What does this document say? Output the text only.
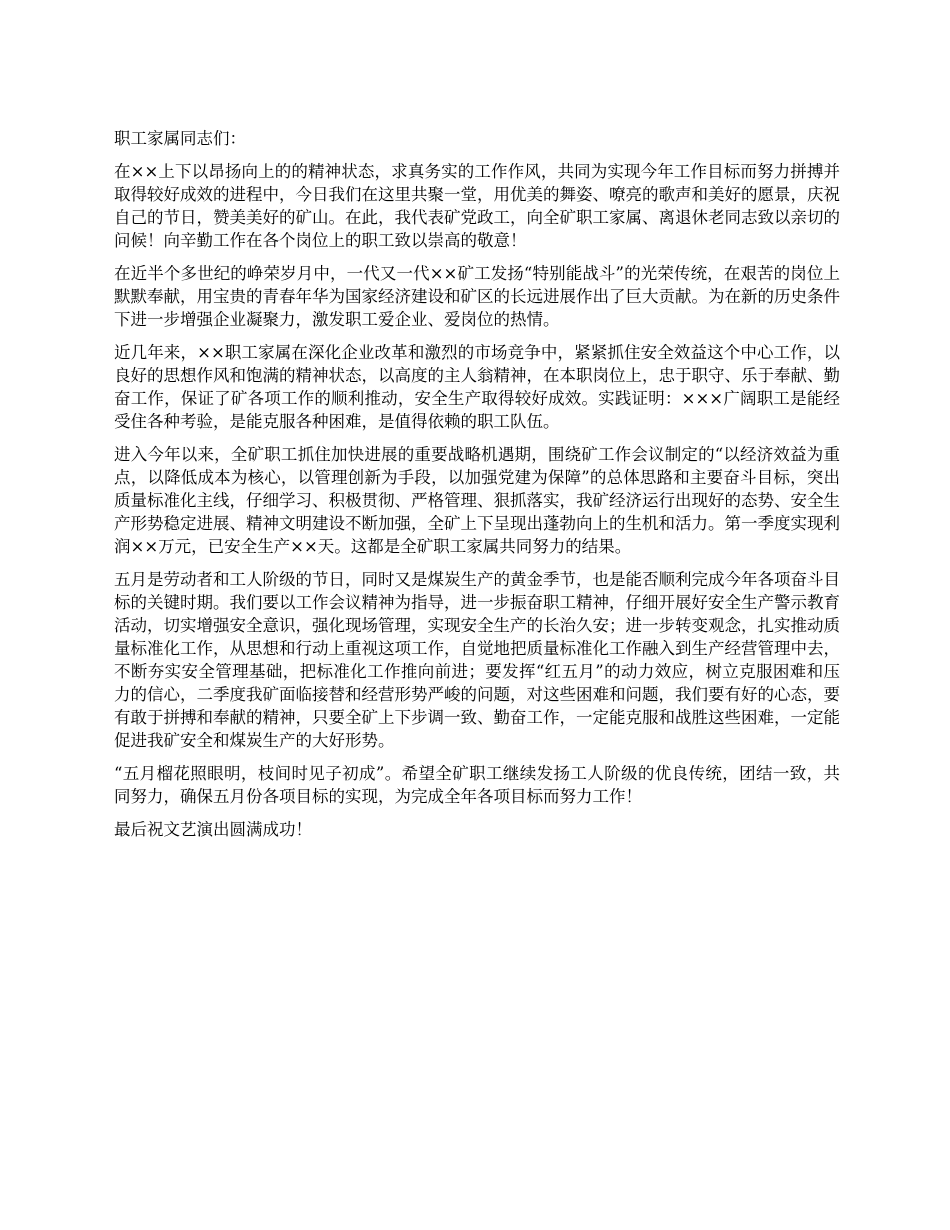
职工家属同志们：

在××上下以昂扬向上的的精神状态，求真务实的工作作风，共同为实现今年工作目标而努力拼搏并取得较好成效的进程中，今日我们在这里共聚一堂，用优美的舞姿、嘹亮的歌声和美好的愿景，庆祝自己的节日，赞美美好的矿山。在此，我代表矿党政工，向全矿职工家属、离退休老同志致以亲切的问候！向辛勤工作在各个岗位上的职工致以崇高的敬意！

在近半个多世纪的峥荣岁月中，一代又一代××矿工发扬“特别能战斗”的光荣传统，在艰苦的岗位上默默奉献，用宝贵的青春年华为国家经济建设和矿区的长远进展作出了巨大贡献。为在新的历史条件下进一步增强企业凝聚力，激发职工爱企业、爱岗位的热情。

近几年来，××职工家属在深化企业改革和激烈的市场竞争中，紧紧抓住安全效益这个中心工作，以良好的思想作风和饱满的精神状态，以高度的主人翁精神，在本职岗位上，忠于职守、乐于奉献、勤奋工作，保证了矿各项工作的顺利推动，安全生产取得较好成效。实践证明：×××广阔职工是能经受住各种考验，是能克服各种困难，是值得依赖的职工队伍。

进入今年以来，全矿职工抓住加快进展的重要战略机遇期，围绕矿工作会议制定的“以经济效益为重点，以降低成本为核心，以管理创新为手段，以加强党建为保障”的总体思路和主要奋斗目标，突出质量标准化主线，仔细学习、积极贯彻、严格管理、狠抓落实，我矿经济运行出现好的态势、安全生产形势稳定进展、精神文明建设不断加强，全矿上下呈现出蓬勃向上的生机和活力。第一季度实现利润××万元，已安全生产××天。这都是全矿职工家属共同努力的结果。

五月是劳动者和工人阶级的节日，同时又是煤炭生产的黄金季节，也是能否顺利完成今年各项奋斗目标的关键时期。我们要以工作会议精神为指导，进一步振奋职工精神，仔细开展好安全生产警示教育活动，切实增强安全意识，强化现场管理，实现安全生产的长治久安；进一步转变观念，扎实推动质量标准化工作，从思想和行动上重视这项工作，自觉地把质量标准化工作融入到生产经营管理中去，不断夯实安全管理基础，把标准化工作推向前进；要发挥“红五月”的动力效应，树立克服困难和压力的信心，二季度我矿面临接替和经营形势严峻的问题，对这些困难和问题，我们要有好的心态，要有敢于拼搏和奉献的精神，只要全矿上下步调一致、勤奋工作，一定能克服和战胜这些困难，一定能促进我矿安全和煤炭生产的大好形势。

“五月榴花照眼明，枝间时见子初成”。希望全矿职工继续发扬工人阶级的优良传统，团结一致，共同努力，确保五月份各项目标的实现，为完成全年各项目标而努力工作！

最后祝文艺演出圆满成功！
